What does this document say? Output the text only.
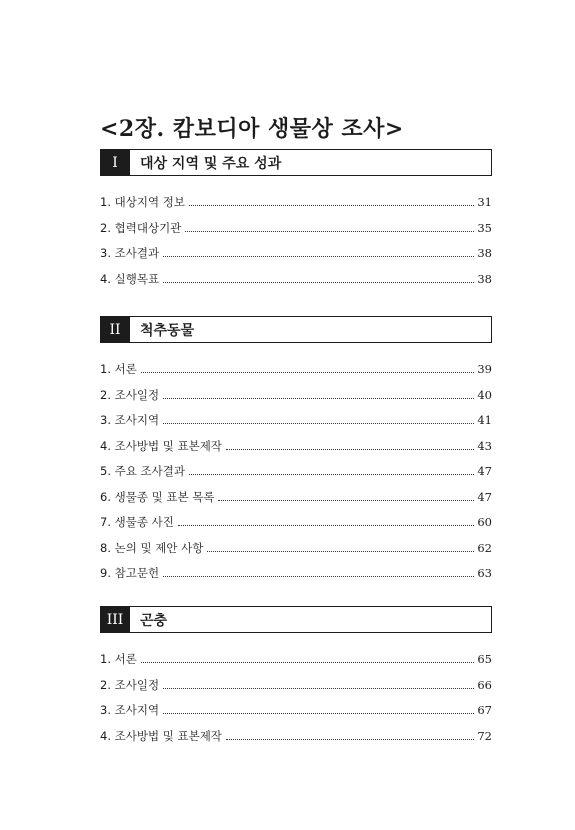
<2장. 캄보디아 생물상 조사>
I	대상 지역 및 주요 성과
1. 대상지역 정보	31
2. 협력대상기관	35
3. 조사결과	38
4. 실행목표	38
II	척추동물
1. 서론	39
2. 조사일정	40
3. 조사지역	41
4. 조사방법 및 표본제작	43
5. 주요 조사결과	47
6. 생물종 및 표본 목록	47
7. 생물종 사진	60
8. 논의 및 제안 사항	62
9. 참고문헌	63
III	곤충
1. 서론	65
2. 조사일정	66
3. 조사지역	67
4. 조사방법 및 표본제작	72
